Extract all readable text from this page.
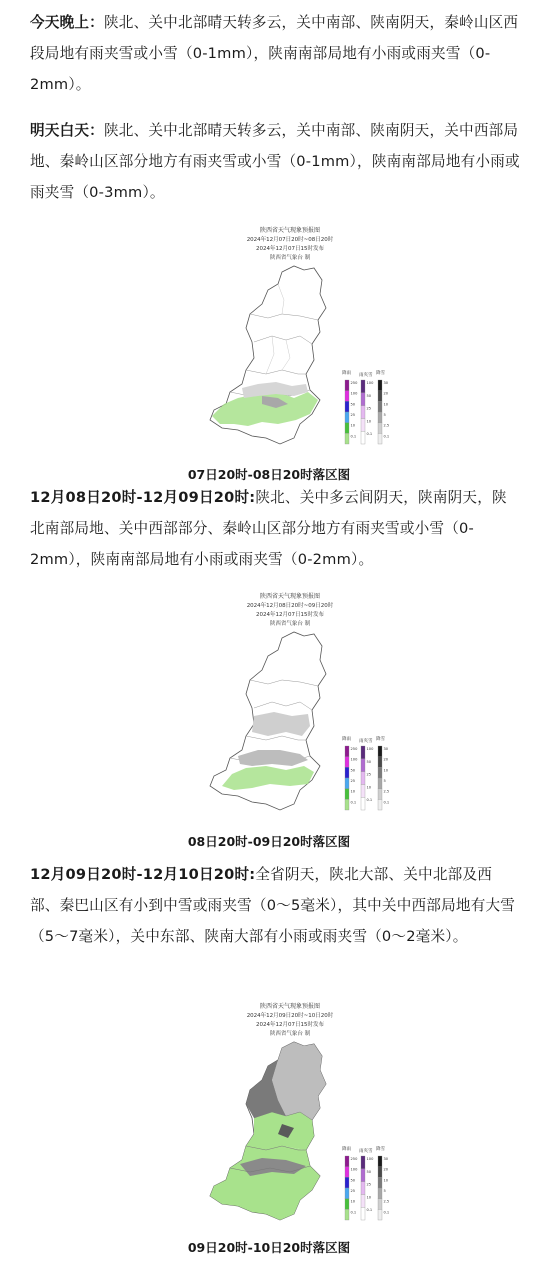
今天晚上：陕北、关中北部晴天转多云，关中南部、陕南阴天，秦岭山区西段局地有雨夹雪或小雪（0-1mm），陕南南部局地有小雨或雨夹雪（0-2mm）。
明天白天：陕北、关中北部晴天转多云，关中南部、陕南阴天，关中西部局地、秦岭山区部分地方有雨夹雪或小雪（0-1mm），陕南南部局地有小雨或雨夹雪（0-3mm）。
陕西省天气现象预报图
2024年12月07日20时~08日20时
2024年12月07日15时发布
陕西省气象台 制
降雨 雨夹雪 降雪
250
100
50
25
10
0.1
100
50
25
10
0.1
30
20
10
5
2.5
0.1
07日20时-08日20时落区图
12月08日20时-12月09日20时:陕北、关中多云间阴天，陕南阴天，陕北南部局地、关中西部部分、秦岭山区部分地方有雨夹雪或小雪（0-2mm），陕南南部局地有小雨或雨夹雪（0-2mm）。
陕西省天气现象预报图
2024年12月08日20时~09日20时
2024年12月07日15时发布
陕西省气象台 制
降雨 雨夹雪 降雪
250
100
50
25
10
0.1
100
50
25
10
0.1
30
20
10
5
2.5
0.1
08日20时-09日20时落区图
12月09日20时-12月10日20时:全省阴天，陕北大部、关中北部及西部、秦巴山区有小到中雪或雨夹雪（0～5毫米），其中关中西部局地有大雪（5～7毫米），关中东部、陕南大部有小雨或雨夹雪（0～2毫米）。
陕西省天气现象预报图
2024年12月09日20时~10日20时
2024年12月07日15时发布
陕西省气象台 制
降雨 雨夹雪 降雪
250
100
50
25
10
0.1
100
50
25
10
0.1
30
20
10
5
2.5
0.1
09日20时-10日20时落区图
